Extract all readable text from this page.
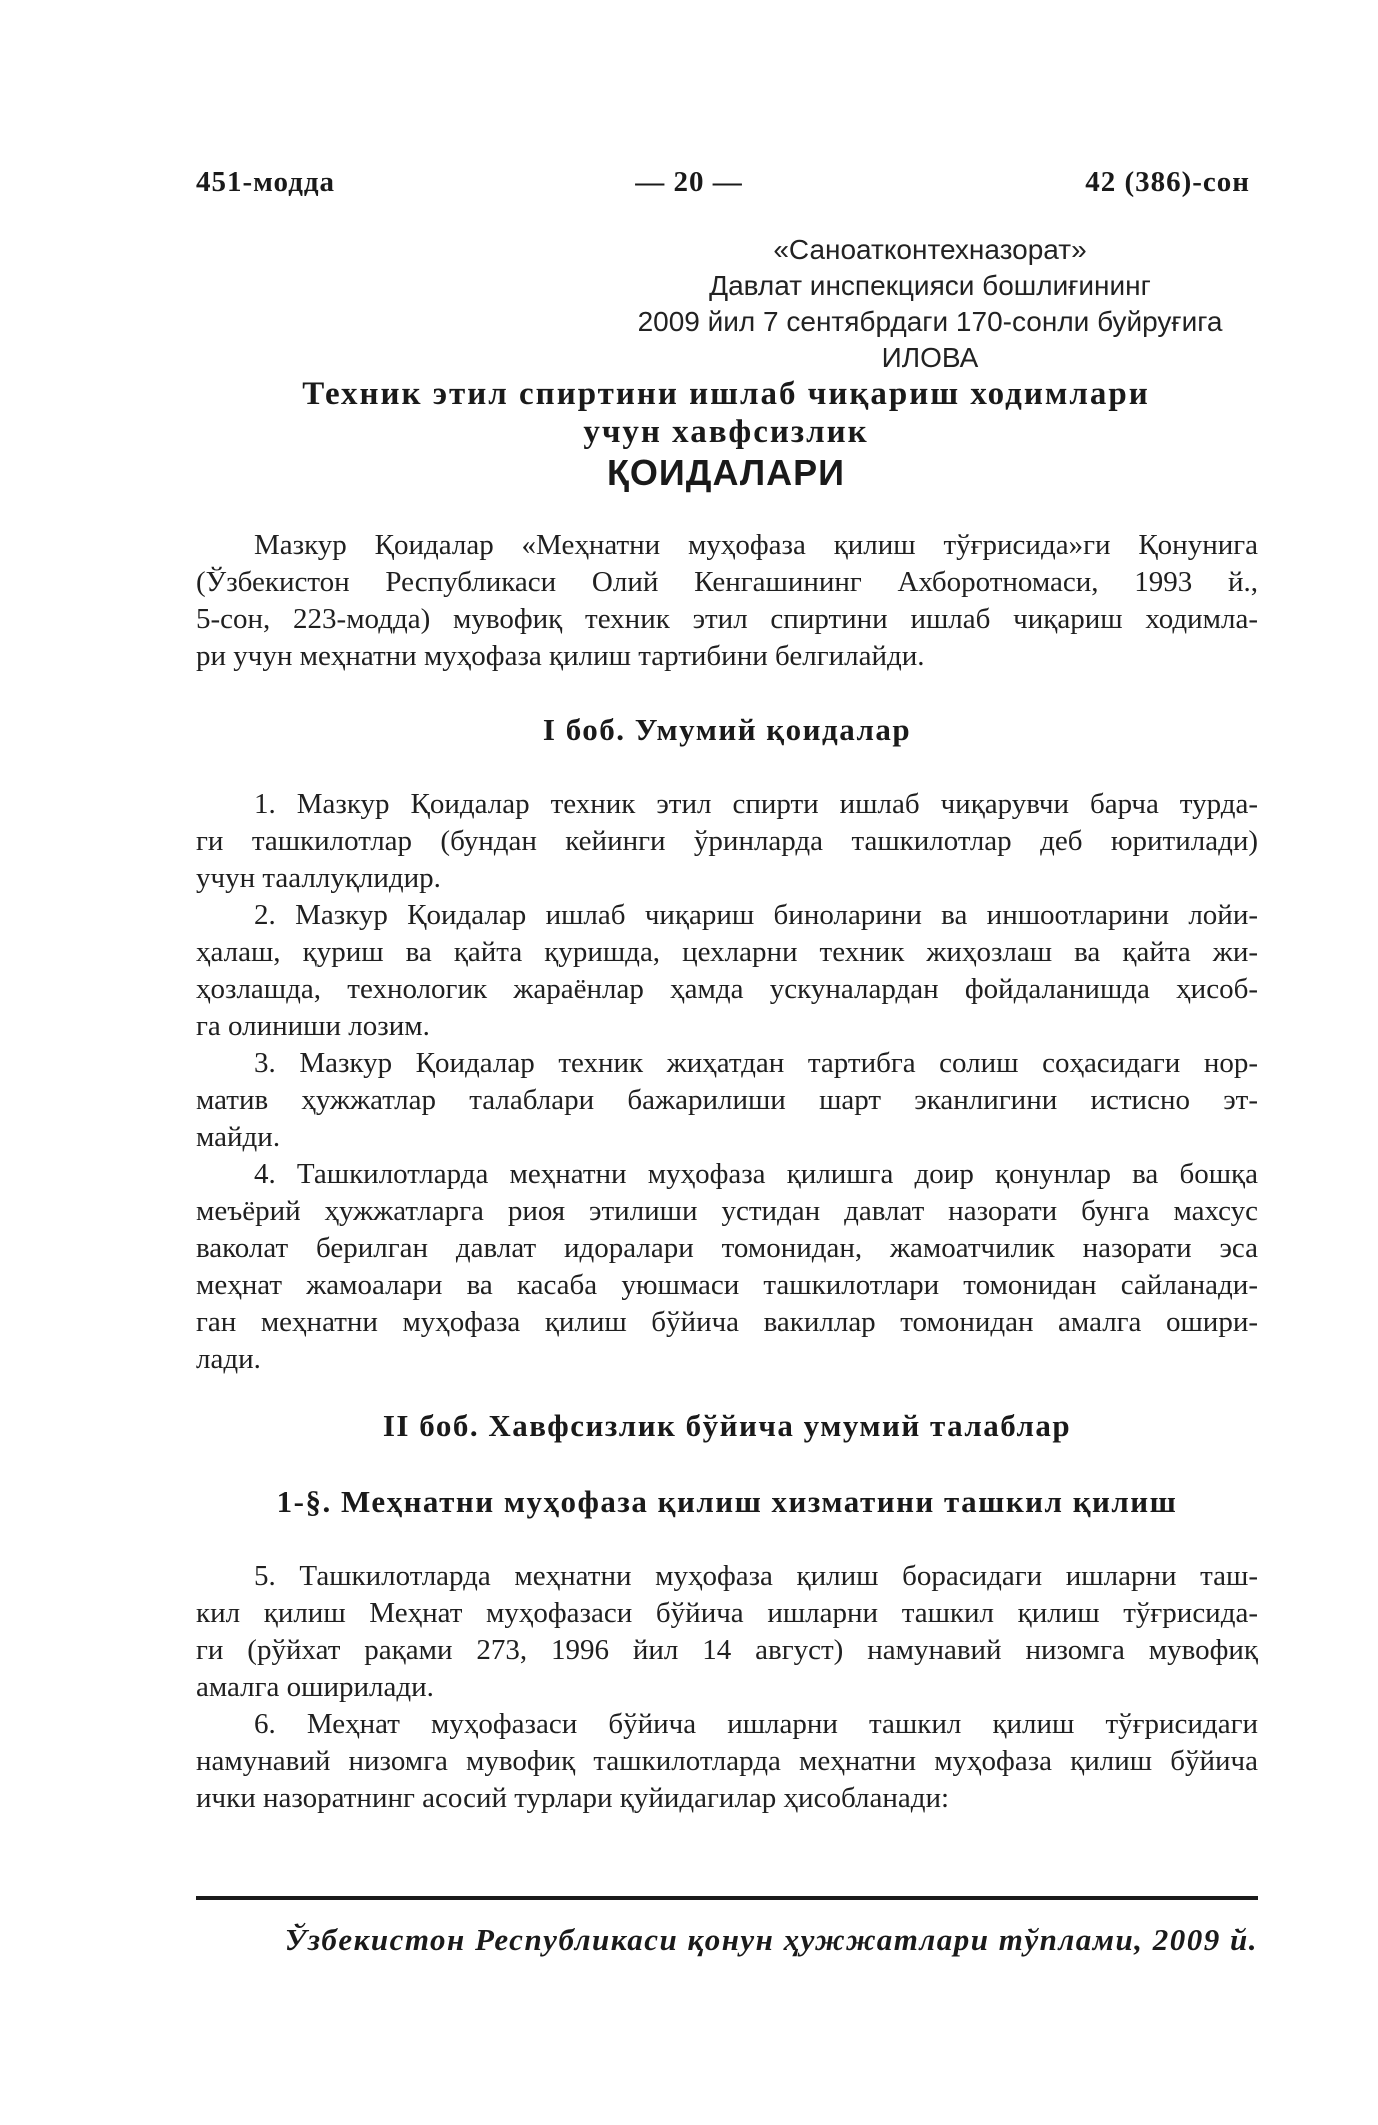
451-модда	— 20 —	42 (386)-сон
«Саноатконтехназорат»
Давлат инспекцияси бошлиғининг
2009 йил 7 сентябрдаги 170-сонли буйруғига
ИЛОВА
Техник этил спиртини ишлаб чиқариш ходимлари
учун хавфсизлик
ҚОИДАЛАРИ
Мазкур Қоидалар «Меҳнатни муҳофаза қилиш тўғрисида»ги Қонунига
(Ўзбекистон Республикаси Олий Кенгашининг Ахборотномаси, 1993 й.,
5-сон, 223-модда) мувофиқ техник этил спиртини ишлаб чиқариш ходимла-
ри учун меҳнатни муҳофаза қилиш тартибини белгилайди.
I боб. Умумий қоидалар
1. Мазкур Қоидалар техник этил спирти ишлаб чиқарувчи барча турда-
ги ташкилотлар (бундан кейинги ўринларда ташкилотлар деб юритилади)
учун тааллуқлидир.
2. Мазкур Қоидалар ишлаб чиқариш биноларини ва иншоотларини лойи-
ҳалаш, қуриш ва қайта қуришда, цехларни техник жиҳозлаш ва қайта жи-
ҳозлашда, технологик жараёнлар ҳамда ускуналардан фойдаланишда ҳисоб-
га олиниши лозим.
3. Мазкур Қоидалар техник жиҳатдан тартибга солиш соҳасидаги нор-
матив ҳужжатлар талаблари бажарилиши шарт эканлигини истисно эт-
майди.
4. Ташкилотларда меҳнатни муҳофаза қилишга доир қонунлар ва бошқа
меъёрий ҳужжатларга риоя этилиши устидан давлат назорати бунга махсус
ваколат берилган давлат идоралари томонидан, жамоатчилик назорати эса
меҳнат жамоалари ва касаба уюшмаси ташкилотлари томонидан сайланади-
ган меҳнатни муҳофаза қилиш бўйича вакиллар томонидан амалга ошири-
лади.
II боб. Хавфсизлик бўйича умумий талаблар
1-§. Меҳнатни муҳофаза қилиш хизматини ташкил қилиш
5. Ташкилотларда меҳнатни муҳофаза қилиш борасидаги ишларни таш-
кил қилиш Меҳнат муҳофазаси бўйича ишларни ташкил қилиш тўғрисида-
ги (рўйхат рақами 273, 1996 йил 14 август) намунавий низомга мувофиқ
амалга оширилади.
6. Меҳнат муҳофазаси бўйича ишларни ташкил қилиш тўғрисидаги
намунавий низомга мувофиқ ташкилотларда меҳнатни муҳофаза қилиш бўйича
ички назоратнинг асосий турлари қуйидагилар ҳисобланади:
Ўзбекистон Республикаси қонун ҳужжатлари тўплами, 2009 й.
